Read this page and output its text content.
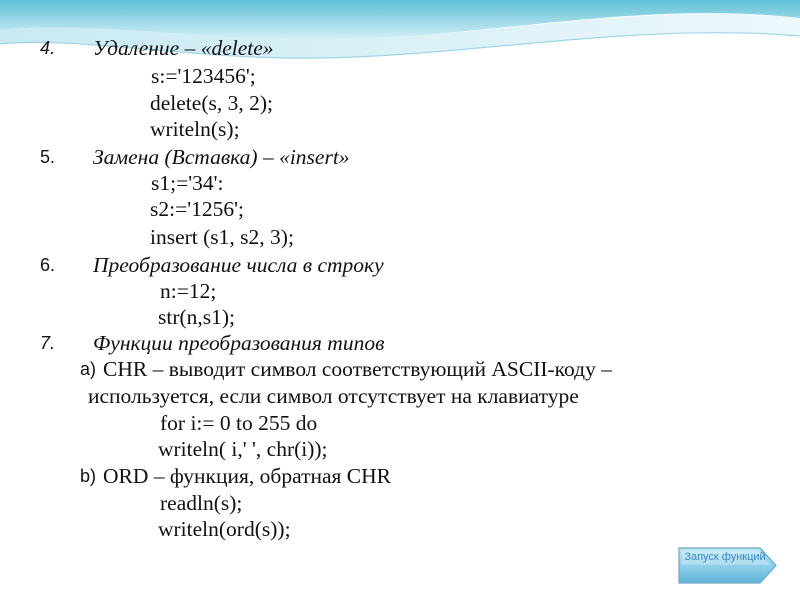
4. Удаление – «delete»
s:='123456';
delete(s, 3, 2);
writeln(s);
5. Замена (Вставка) – «insert»
s1;='34':
s2:='1256';
insert (s1, s2, 3);
6. Преобразование числа в строку
n:=12;
str(n,s1);
7. Функции преобразования типов
a) CHR – выводит символ соответствующий ASCII-коду –
используется, если символ отсутствует на клавиатуре
for i:= 0 to 255 do
writeln( i,' ', chr(i));
b) ORD – функция, обратная CHR
readln(s);
writeln(ord(s));
Запуск функций
